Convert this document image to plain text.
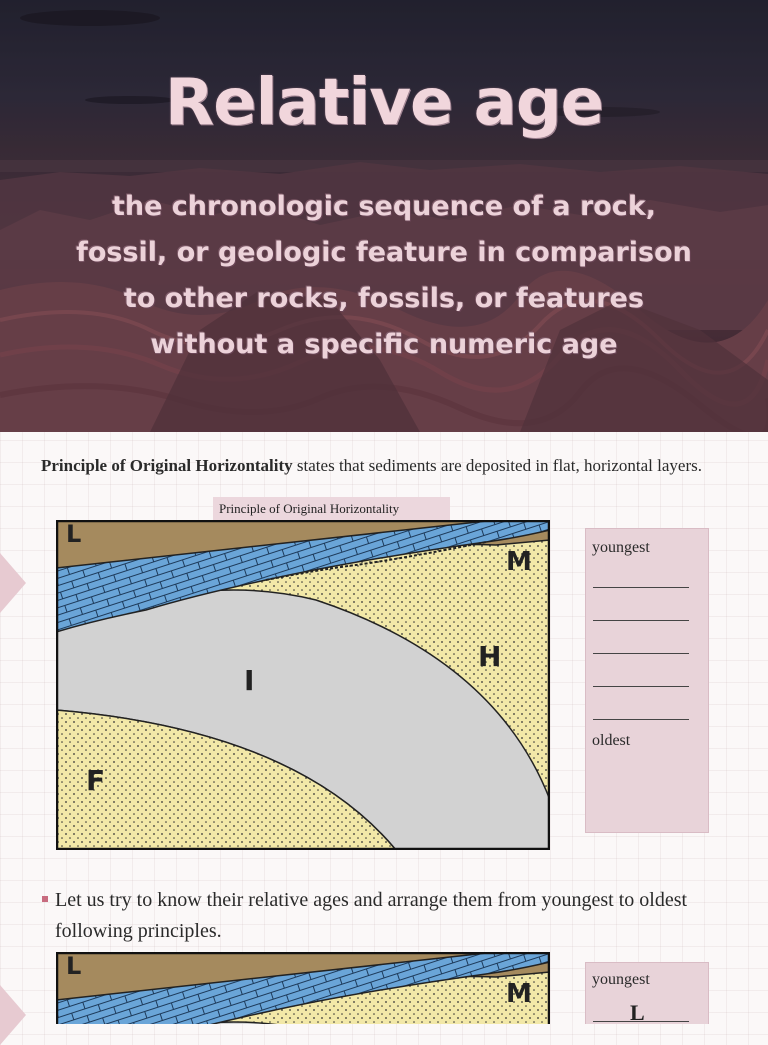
Relative age
the chronologic sequence of a rock,
fossil, or geologic feature in comparison
to other rocks, fossils, or features
without a specific numeric age
Principle of Original Horizontality states that sediments are deposited in flat, horizontal layers.
Principle of Original Horizontality
L
M
H
I
F
youngest
oldest
Let us try to know their relative ages and arrange them from youngest to oldest following principles.
L
M	youngest
L
